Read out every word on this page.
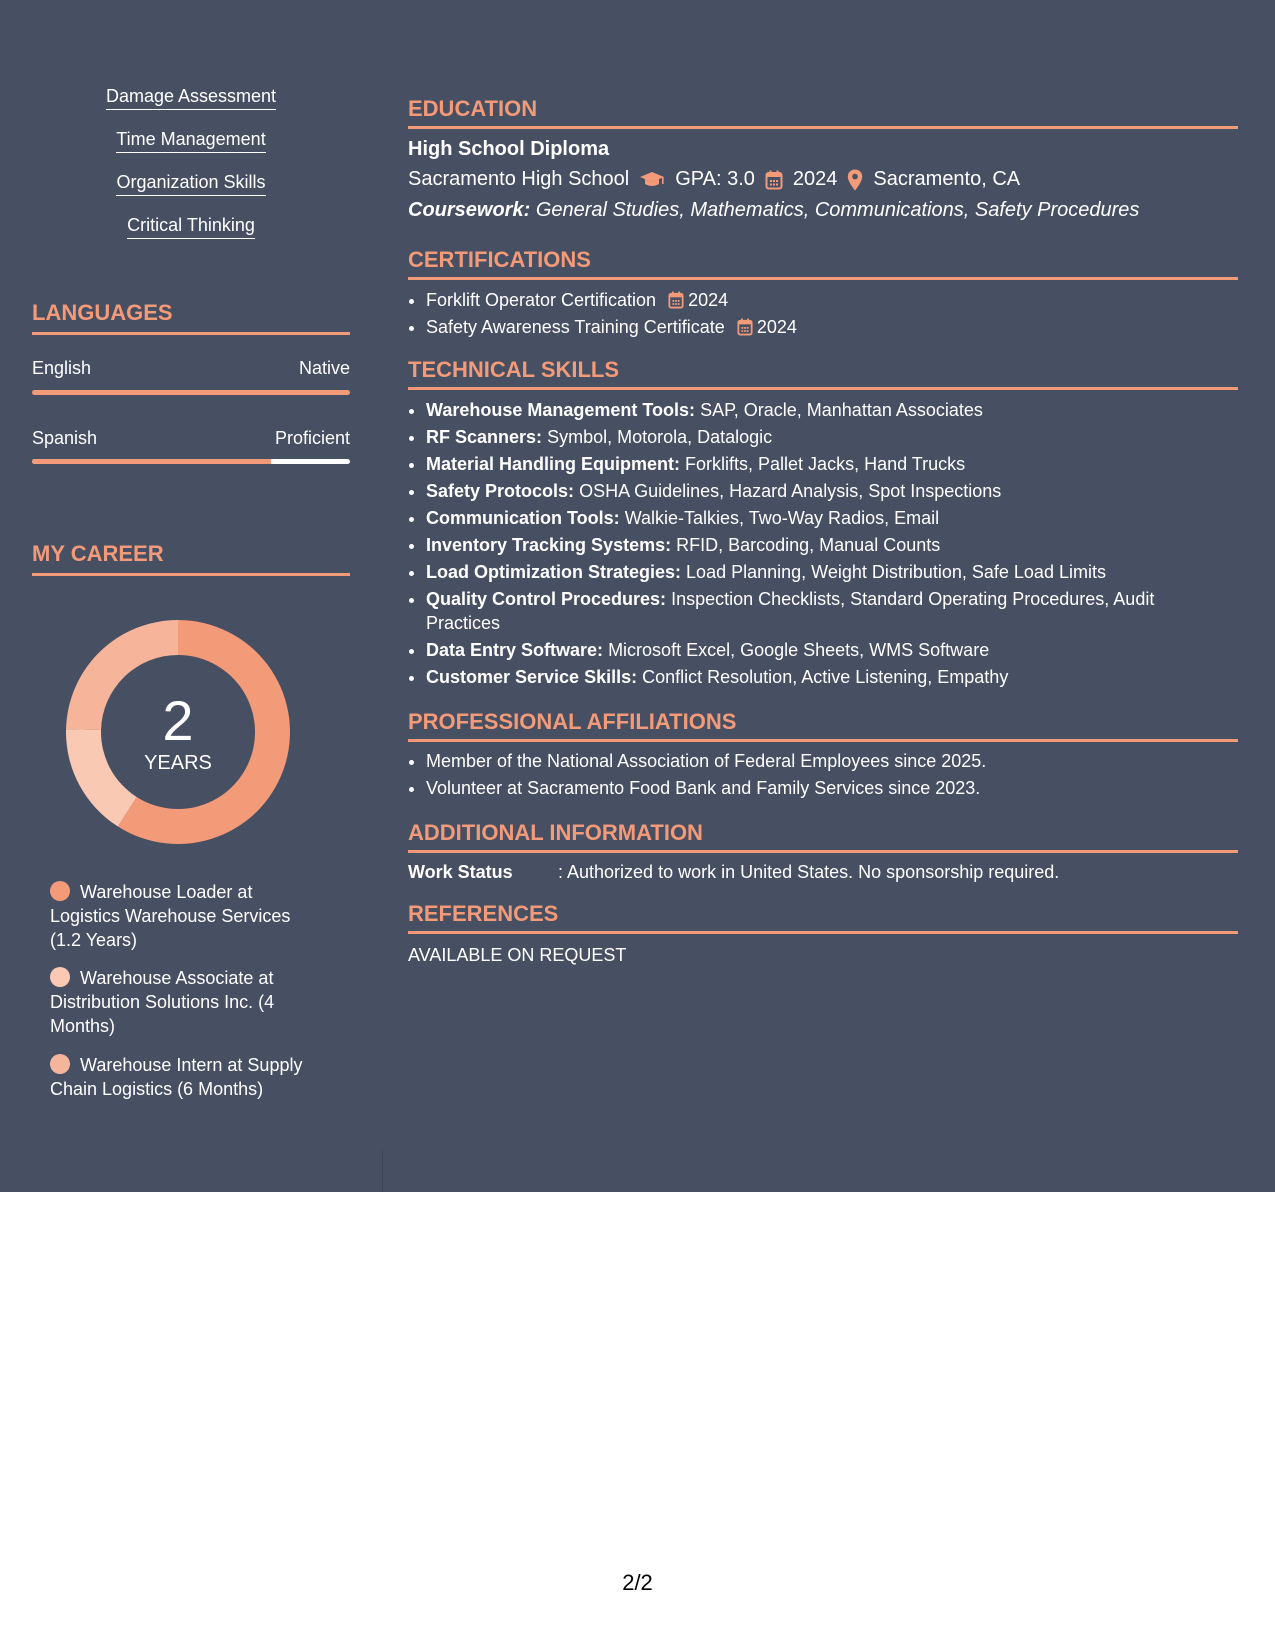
Damage Assessment
Time Management
Organization Skills
Critical Thinking
LANGUAGES
English	Native
Spanish	Proficient
MY CAREER
2
YEARS
Warehouse Loader at Logistics Warehouse Services (1.2 Years)
Warehouse Associate at Distribution Solutions Inc. (4 Months)
Warehouse Intern at Supply Chain Logistics (6 Months)
EDUCATION
High School Diploma
Sacramento High School GPA: 3.0 2024 Sacramento, CA
Coursework: General Studies, Mathematics, Communications, Safety Procedures
CERTIFICATIONS
• Forklift Operator Certification 2024
• Safety Awareness Training Certificate 2024
TECHNICAL SKILLS
• Warehouse Management Tools: SAP, Oracle, Manhattan Associates
• RF Scanners: Symbol, Motorola, Datalogic
• Material Handling Equipment: Forklifts, Pallet Jacks, Hand Trucks
• Safety Protocols: OSHA Guidelines, Hazard Analysis, Spot Inspections
• Communication Tools: Walkie-Talkies, Two-Way Radios, Email
• Inventory Tracking Systems: RFID, Barcoding, Manual Counts
• Load Optimization Strategies: Load Planning, Weight Distribution, Safe Load Limits
• Quality Control Procedures: Inspection Checklists, Standard Operating Procedures, Audit Practices
• Data Entry Software: Microsoft Excel, Google Sheets, WMS Software
• Customer Service Skills: Conflict Resolution, Active Listening, Empathy
PROFESSIONAL AFFILIATIONS
• Member of the National Association of Federal Employees since 2025.
• Volunteer at Sacramento Food Bank and Family Services since 2023.
ADDITIONAL INFORMATION
Work Status	: Authorized to work in United States. No sponsorship required.
REFERENCES
AVAILABLE ON REQUEST
2/2
